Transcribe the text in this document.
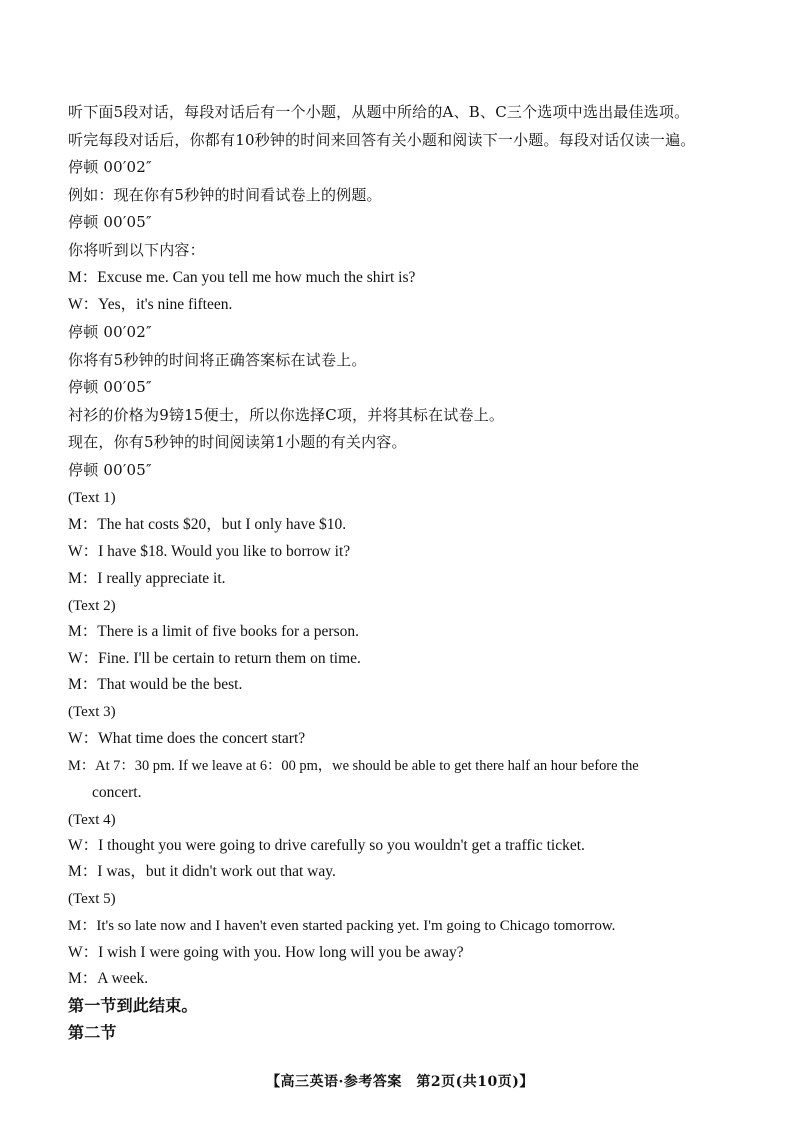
听下面5段对话，每段对话后有一个小题，从题中所给的A、B、C三个选项中选出最佳选项。
听完每段对话后，你都有10秒钟的时间来回答有关小题和阅读下一小题。每段对话仅读一遍。
停顿 00′02″
例如：现在你有5秒钟的时间看试卷上的例题。
停顿 00′05″
你将听到以下内容：
M：Excuse me. Can you tell me how much the shirt is?
W：Yes，it's nine fifteen.
停顿 00′02″
你将有5秒钟的时间将正确答案标在试卷上。
停顿 00′05″
衬衫的价格为9镑15便士，所以你选择C项，并将其标在试卷上。
现在，你有5秒钟的时间阅读第1小题的有关内容。
停顿 00′05″
(Text 1)
M：The hat costs $20，but I only have $10.
W：I have $18. Would you like to borrow it?
M：I really appreciate it.
(Text 2)
M：There is a limit of five books for a person.
W：Fine. I'll be certain to return them on time.
M：That would be the best.
(Text 3)
W：What time does the concert start?
M：At 7：30 pm. If we leave at 6：00 pm，we should be able to get there half an hour before the
concert.
(Text 4)
W：I thought you were going to drive carefully so you wouldn't get a traffic ticket.
M：I was，but it didn't work out that way.
(Text 5)
M：It's so late now and I haven't even started packing yet. I'm going to Chicago tomorrow.
W：I wish I were going with you. How long will you be away?
M：A week.
第一节到此结束。
第二节
【高三英语·参考答案　第2页(共10页)】
